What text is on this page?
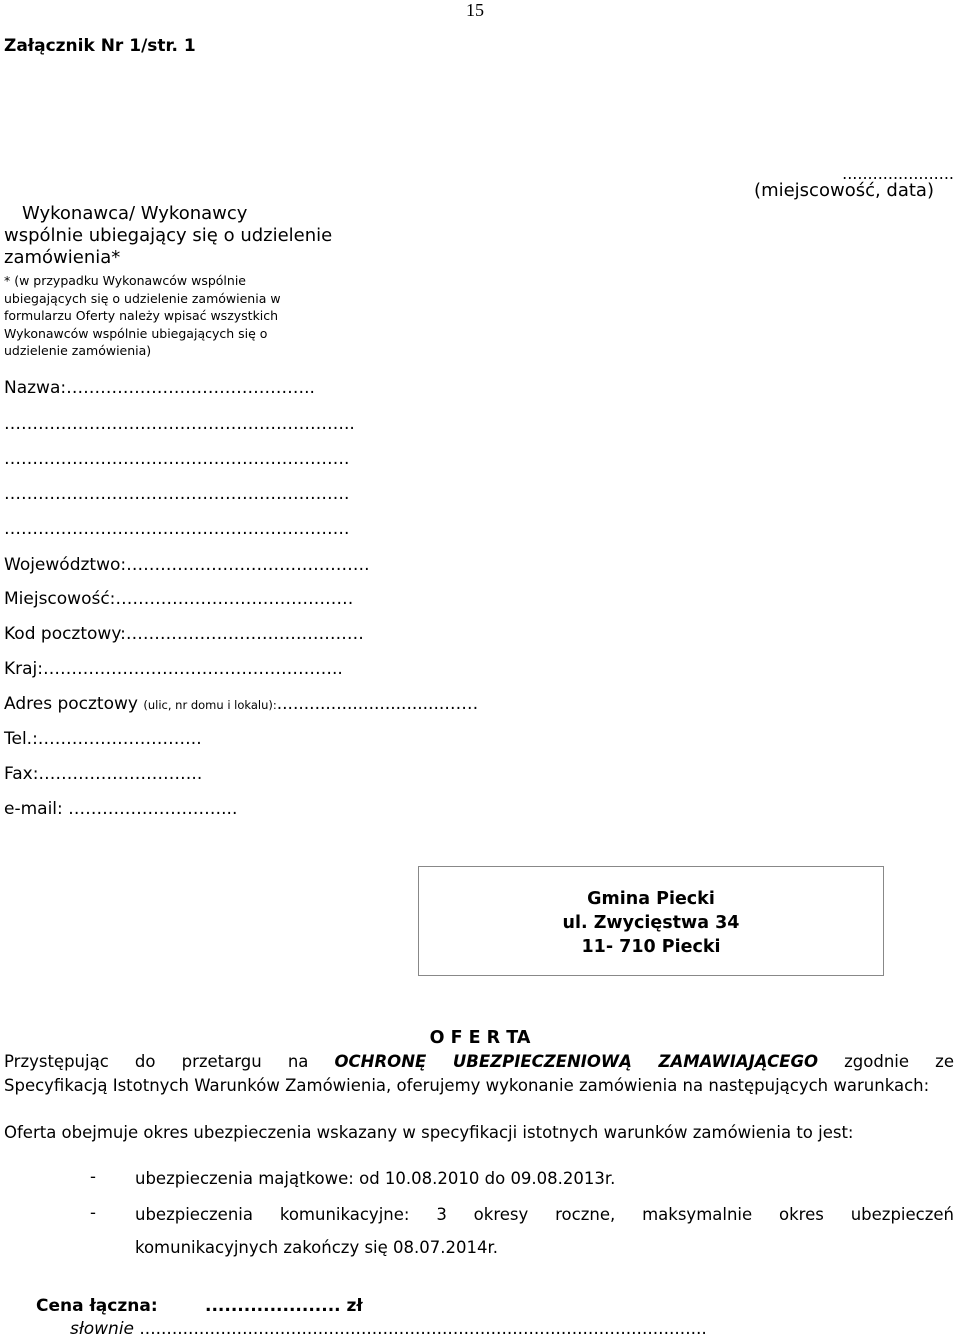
15
Załącznik Nr 1/str. 1
......................
(miejscowość, data)
Wykonawca/ Wykonawcy
wspólnie ubiegający się o udzielenie
zamówienia*
* (w przypadku Wykonawców wspólnie
ubiegających się o udzielenie zamówienia w
formularzu Oferty należy wpisać wszystkich
Wykonawców wspólnie ubiegających się o
udzielenie zamówienia)
Nazwa:……………………………………..
……………………………………………………..
…………………………………………………….
…………………………………………………….
…………………………………………………….
Województwo:…………………………………….
Miejscowość:……………………………………
Kod pocztowy:……………………………………
Kraj:……………………………………………..
Adres pocztowy (ulic, nr domu i lokalu):...............................……
Tel.:………………………..
Fax:………………………..
e-mail: ………………………...
Gmina Piecki
ul. Zwycięstwa 34
11- 710 Piecki
O F E R TA
Przystępując do przetargu na OCHRONĘ UBEZPIECZENIOWĄ ZAMAWIAJĄCEGO zgodnie ze
Specyfikacją Istotnych Warunków Zamówienia, oferujemy wykonanie zamówienia na następujących warunkach:
Oferta obejmuje okres ubezpieczenia wskazany w specyfikacji istotnych warunków zamówienia to jest:
- ubezpieczenia majątkowe: od 10.08.2010 do 09.08.2013r.
- ubezpieczenia komunikacyjne: 3 okresy roczne, maksymalnie okres ubezpieczeń
komunikacyjnych zakończy się 08.07.2014r.
Cena łączna:	..................... zł
słownie .........................................................................................................
